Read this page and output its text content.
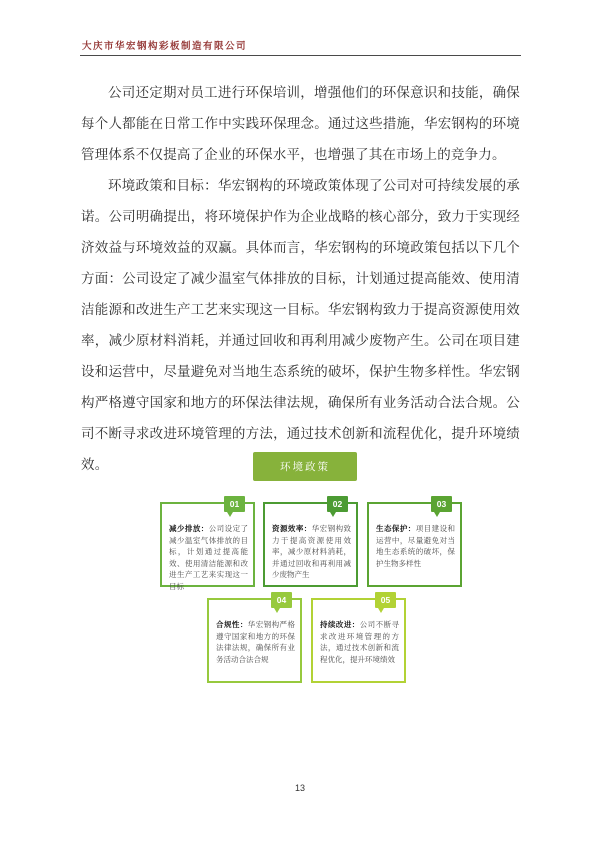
大庆市华宏钢构彩板制造有限公司

公司还定期对员工进行环保培训，增强他们的环保意识和技能，确保每个人都能在日常工作中实践环保理念。通过这些措施，华宏钢构的环境管理体系不仅提高了企业的环保水平，也增强了其在市场上的竞争力。

环境政策和目标：华宏钢构的环境政策体现了公司对可持续发展的承诺。公司明确提出，将环境保护作为企业战略的核心部分，致力于实现经济效益与环境效益的双赢。具体而言，华宏钢构的环境政策包括以下几个方面：公司设定了减少温室气体排放的目标，计划通过提高能效、使用清洁能源和改进生产工艺来实现这一目标。华宏钢构致力于提高资源使用效率，减少原材料消耗，并通过回收和再利用减少废物产生。公司在项目建设和运营中，尽量避免对当地生态系统的破坏，保护生物多样性。华宏钢构严格遵守国家和地方的环保法律法规，确保所有业务活动合法合规。公司不断寻求改进环境管理的方法，通过技术创新和流程优化，提升环境绩效。	环境政策
01

减少排放：公司设定了减少温室气体排放的目标，计划通过提高能效、使用清洁能源和改进生产工艺来实现这一目标

02

资源效率：华宏钢构致力于提高资源使用效率，减少原材料消耗，并通过回收和再利用减少废物产生

03

生态保护：项目建设和运营中，尽量避免对当地生态系统的破坏，保护生物多样性

04

合规性：华宏钢构严格遵守国家和地方的环保法律法规，确保所有业务活动合法合规

05

持续改进：公司不断寻求改进环境管理的方法，通过技术创新和流程优化，提升环境绩效

13
